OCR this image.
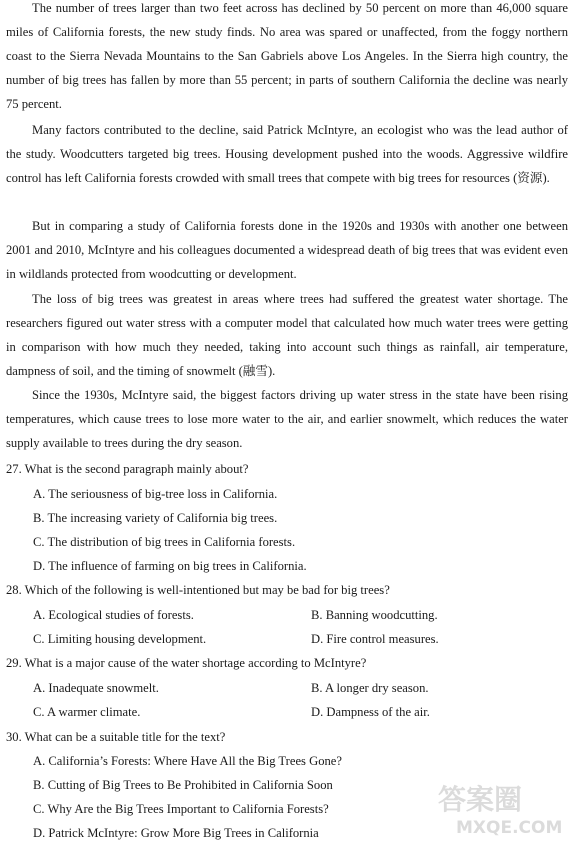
The number of trees larger than two feet across has declined by 50 percent on more than 46,000 square miles of California forests, the new study finds. No area was spared or unaffected, from the foggy northern coast to the Sierra Nevada Mountains to the San Gabriels above Los Angeles. In the Sierra high country, the number of big trees has fallen by more than 55 percent; in parts of southern California the decline was nearly 75 percent.

Many factors contributed to the decline, said Patrick McIntyre, an ecologist who was the lead author of the study. Woodcutters targeted big trees. Housing development pushed into the woods. Aggressive wildfire control has left California forests crowded with small trees that compete with big trees for resources (资源).

But in comparing a study of California forests done in the 1920s and 1930s with another one between 2001 and 2010, McIntyre and his colleagues documented a widespread death of big trees that was evident even in wildlands protected from woodcutting or development.

The loss of big trees was greatest in areas where trees had suffered the greatest water shortage. The researchers figured out water stress with a computer model that calculated how much water trees were getting in comparison with how much they needed, taking into account such things as rainfall, air temperature, dampness of soil, and the timing of snowmelt (融雪).

Since the 1930s, McIntyre said, the biggest factors driving up water stress in the state have been rising temperatures, which cause trees to lose more water to the air, and earlier snowmelt, which reduces the water supply available to trees during the dry season.

27. What is the second paragraph mainly about?

A. The seriousness of big-tree loss in California.

B. The increasing variety of California big trees.

C. The distribution of big trees in California forests.

D. The influence of farming on big trees in California.

28. Which of the following is well-intentioned but may be bad for big trees?

A. Ecological studies of forests.	B. Banning woodcutting.

C. Limiting housing development.	D. Fire control measures.

29. What is a major cause of the water shortage according to McIntyre?

A. Inadequate snowmelt.	B. A longer dry season.

C. A warmer climate.	D. Dampness of the air.

30. What can be a suitable title for the text?

A. California’s Forests: Where Have All the Big Trees Gone?

B. Cutting of Big Trees to Be Prohibited in California Soon

C. Why Are the Big Trees Important to California Forests?

D. Patrick McIntyre: Grow More Big Trees in California

答案圈
MXQE.COM
